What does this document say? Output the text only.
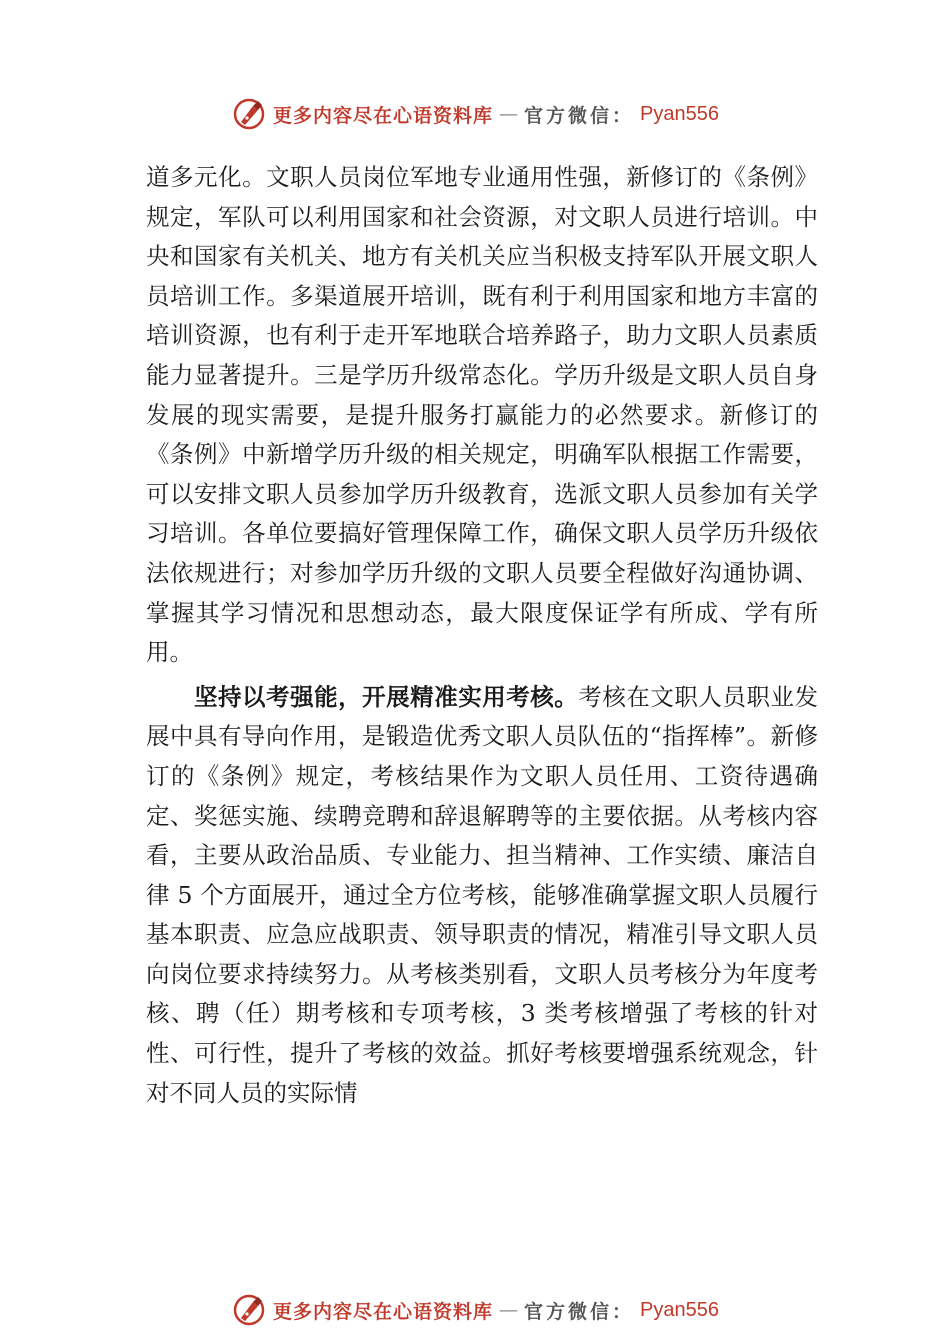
更多内容尽在心语资料库 — 官方微信： Pyan556

道多元化。文职人员岗位军地专业通用性强，新修订的《条例》规定，军队可以利用国家和社会资源，对文职人员进行培训。中央和国家有关机关、地方有关机关应当积极支持军队开展文职人员培训工作。多渠道展开培训，既有利于利用国家和地方丰富的培训资源，也有利于走开军地联合培养路子，助力文职人员素质能力显著提升。三是学历升级常态化。学历升级是文职人员自身发展的现实需要，是提升服务打赢能力的必然要求。新修订的《条例》中新增学历升级的相关规定，明确军队根据工作需要，可以安排文职人员参加学历升级教育，选派文职人员参加有关学习培训。各单位要搞好管理保障工作，确保文职人员学历升级依法依规进行；对参加学历升级的文职人员要全程做好沟通协调、掌握其学习情况和思想动态，最大限度保证学有所成、学有所用。

坚持以考强能，开展精准实用考核。考核在文职人员职业发展中具有导向作用，是锻造优秀文职人员队伍的“指挥棒”。新修订的《条例》规定，考核结果作为文职人员任用、工资待遇确定、奖惩实施、续聘竞聘和辞退解聘等的主要依据。从考核内容看，主要从政治品质、专业能力、担当精神、工作实绩、廉洁自律 5 个方面展开，通过全方位考核，能够准确掌握文职人员履行基本职责、应急应战职责、领导职责的情况，精准引导文职人员向岗位要求持续努力。从考核类别看，文职人员考核分为年度考核、聘（任）期考核和专项考核，3 类考核增强了考核的针对性、可行性，提升了考核的效益。抓好考核要增强系统观念，针对不同人员的实际情

更多内容尽在心语资料库 — 官方微信： Pyan556
